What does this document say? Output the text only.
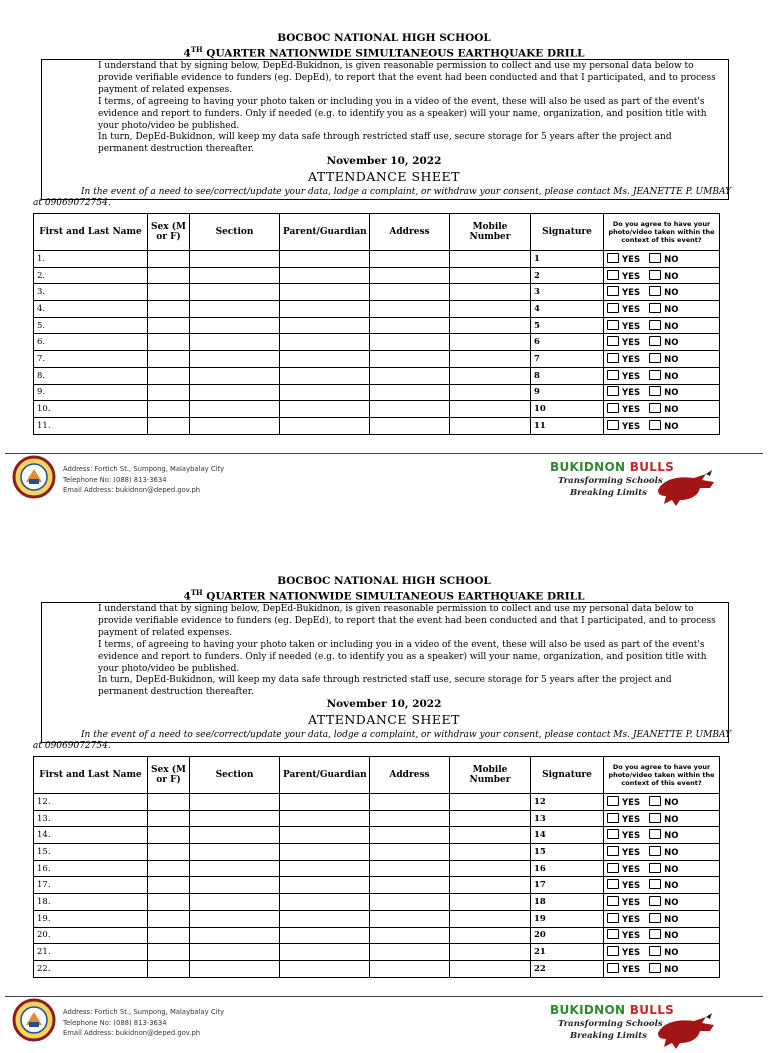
BOCBOC NATIONAL HIGH SCHOOL
4TH QUARTER NATIONWIDE SIMULTANEOUS EARTHQUAKE DRILL

I understand that by signing below, DepEd-Bukidnon, is given reasonable permission to collect and use my personal data below to provide verifiable evidence to funders (eg. DepEd), to report that the event had been conducted and that I participated, and to process payment of related expenses.

I terms, of agreeing to having your photo taken or including you in a video of the event, these will also be used as part of the event's evidence and report to funders. Only if needed (e.g. to identify you as a speaker) will your name, organization, and position title with your photo/video be published.

In turn, DepEd-Bukidnon, will keep my data safe through restricted staff use, secure storage for 5 years after the project and permanent destruction thereafter.

November 10, 2022
ATTENDANCE SHEET
In the event of a need to see/correct/update your data, lodge a complaint, or withdraw your consent, please contact Ms. JEANETTE P. UMBAY at 09069072754.
First and Last Name	Sex (M or F)	Section	Parent/Guardian	Address	Mobile Number	Signature	Do you agree to have your photo/video taken within the context of this event?
1.						1	YES NO
2.						2	YES NO
3.						3	YES NO
4.						4	YES NO
5.						5	YES NO
6.						6	YES NO
7.						7	YES NO
8.						8	YES NO
9.						9	YES NO
10.						10	YES NO
11.						11	YES NO
Address: Fortich St., Sumpong, Malaybalay City
Telephone No: (088) 813-3634
Email Address: bukidnon@deped.gov.ph
BUKIDNON BULLS
Transforming Schools
Breaking Limits
BOCBOC NATIONAL HIGH SCHOOL
4TH QUARTER NATIONWIDE SIMULTANEOUS EARTHQUAKE DRILL

I understand that by signing below, DepEd-Bukidnon, is given reasonable permission to collect and use my personal data below to provide verifiable evidence to funders (eg. DepEd), to report that the event had been conducted and that I participated, and to process payment of related expenses.

I terms, of agreeing to having your photo taken or including you in a video of the event, these will also be used as part of the event's evidence and report to funders. Only if needed (e.g. to identify you as a speaker) will your name, organization, and position title with your photo/video be published.

In turn, DepEd-Bukidnon, will keep my data safe through restricted staff use, secure storage for 5 years after the project and permanent destruction thereafter.

November 10, 2022
ATTENDANCE SHEET
In the event of a need to see/correct/update your data, lodge a complaint, or withdraw your consent, please contact Ms. JEANETTE P. UMBAY at 09069072754.
First and Last Name	Sex (M or F)	Section	Parent/Guardian	Address	Mobile Number	Signature	Do you agree to have your photo/video taken within the context of this event?
12.						12	YES NO
13.						13	YES NO
14.						14	YES NO
15.						15	YES NO
16.						16	YES NO
17.						17	YES NO
18.						18	YES NO
19.						19	YES NO
20.						20	YES NO
21.						21	YES NO
22.						22	YES NO
Address: Fortich St., Sumpong, Malaybalay City
Telephone No: (088) 813-3634
Email Address: bukidnon@deped.gov.ph
BUKIDNON BULLS
Transforming Schools
Breaking Limits
